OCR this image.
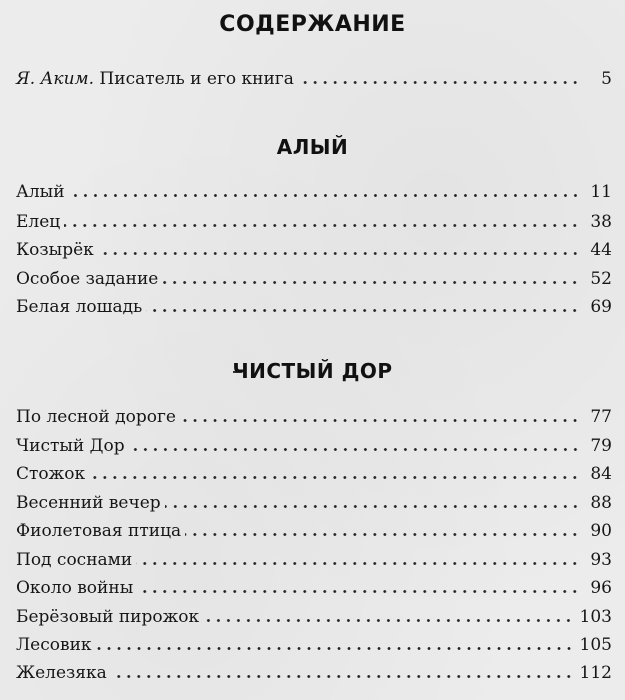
СОДЕРЖАНИЕ
Я. Аким. Писатель и его книга	5
АЛЫЙ
Алый	11
Елец	38
Козырёк	44
Особое задание	52
Белая лошадь	69
ЧИСТЫЙ ДОР
По лесной дороге	77
Чистый Дор	79
Стожок	84
Весенний вечер	88
Фиолетовая птица	90
Под соснами	93
Около войны	96
Берёзовый пирожок	103
Лесовик	105
Железяка	112
